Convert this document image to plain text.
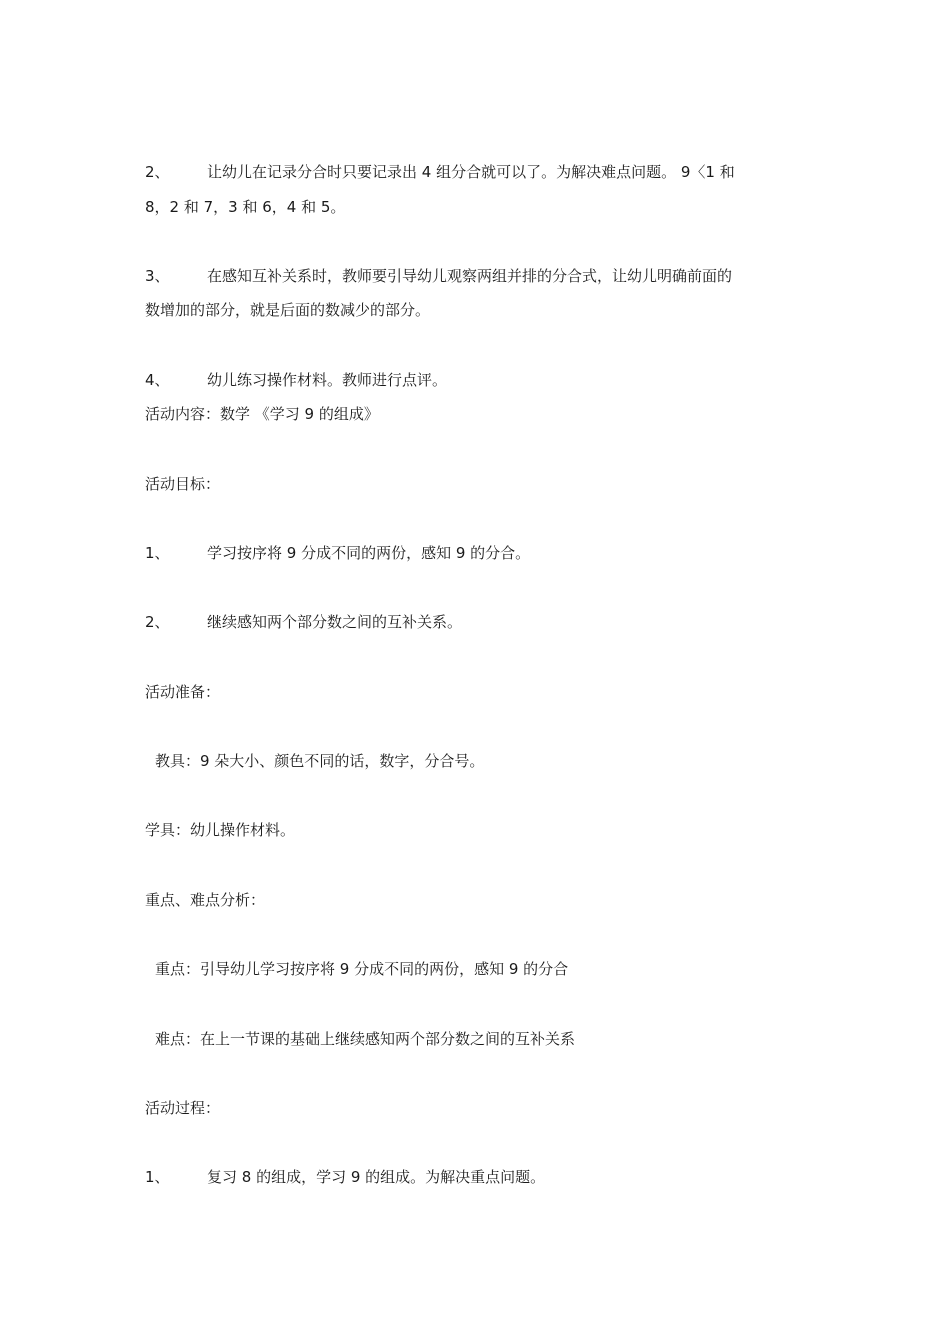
2、 让幼儿在记录分合时只要记录出 4 组分合就可以了。为解决难点问题。 9〈1 和
8，2 和 7，3 和 6，4 和 5。
3、 在感知互补关系时，教师要引导幼儿观察两组并排的分合式，让幼儿明确前面的
数增加的部分，就是后面的数减少的部分。
4、 幼儿练习操作材料。教师进行点评。
活动内容：数学 《学习 9 的组成》
活动目标：
1、 学习按序将 9 分成不同的两份，感知 9 的分合。
2、 继续感知两个部分数之间的互补关系。
活动准备：
教具：9 朵大小、颜色不同的话，数字，分合号。
学具：幼儿操作材料。
重点、难点分析：
重点：引导幼儿学习按序将 9 分成不同的两份，感知 9 的分合
难点：在上一节课的基础上继续感知两个部分数之间的互补关系
活动过程：
1、 复习 8 的组成，学习 9 的组成。为解决重点问题。
